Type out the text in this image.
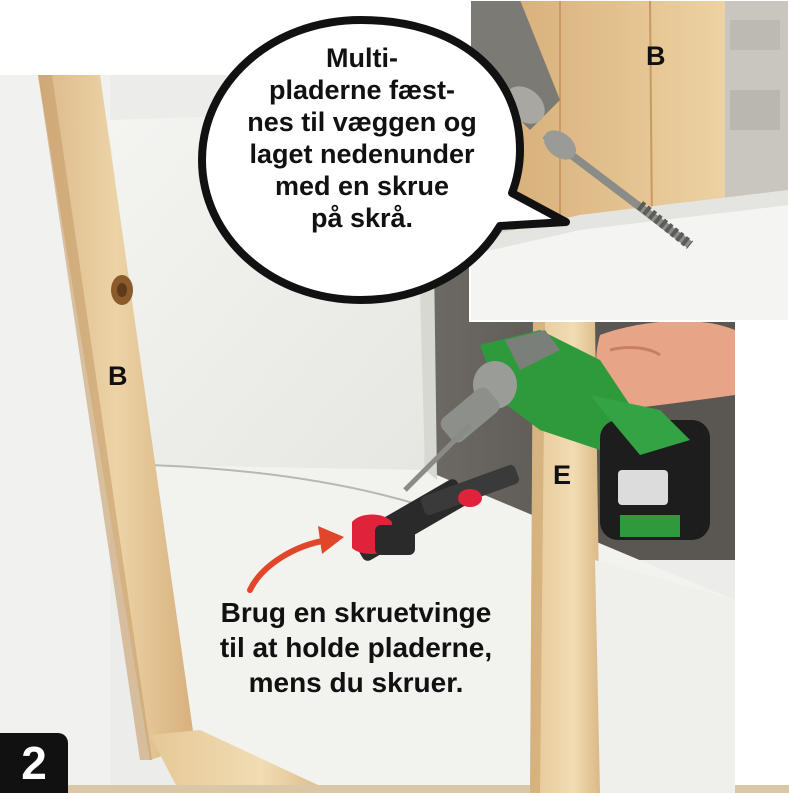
Multi-
pladerne fæst-
nes til væggen og
laget nedenunder
med en skrue
på skrå.
B
B
E
Brug en skruetvinge
til at holde pladerne,
mens du skruer.
2
